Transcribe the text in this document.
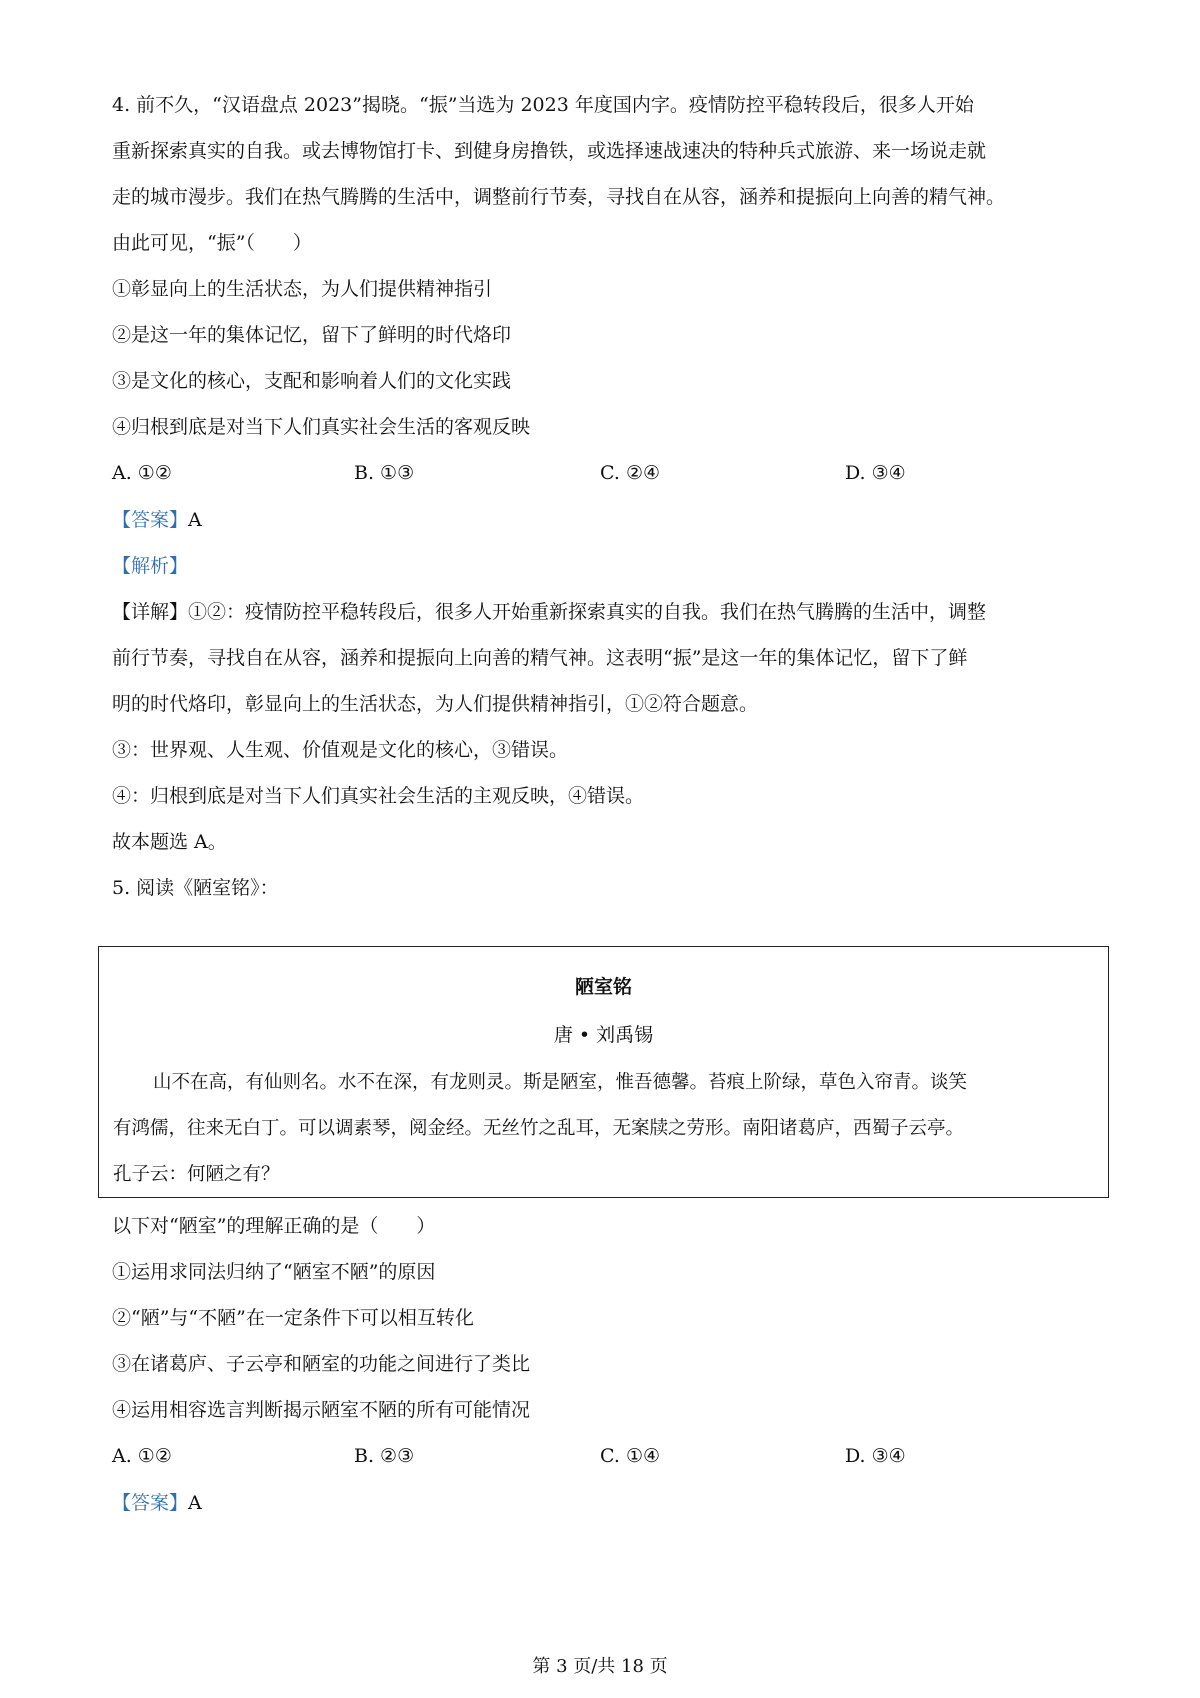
4. 前不久，“汉语盘点 2023”揭晓。“振”当选为 2023 年度国内字。疫情防控平稳转段后，很多人开始
重新探索真实的自我。或去博物馆打卡、到健身房撸铁，或选择速战速决的特种兵式旅游、来一场说走就
走的城市漫步。我们在热气腾腾的生活中，调整前行节奏，寻找自在从容，涵养和提振向上向善的精气神。
由此可见，“振”（　　）
①彰显向上的生活状态，为人们提供精神指引
②是这一年的集体记忆，留下了鲜明的时代烙印
③是文化的核心，支配和影响着人们的文化实践
④归根到底是对当下人们真实社会生活的客观反映
A. ①②	B. ①③	C. ②④	D. ③④
【答案】A
【解析】
【详解】①②：疫情防控平稳转段后，很多人开始重新探索真实的自我。我们在热气腾腾的生活中，调整
前行节奏，寻找自在从容，涵养和提振向上向善的精气神。这表明“振”是这一年的集体记忆，留下了鲜
明的时代烙印，彰显向上的生活状态，为人们提供精神指引，①②符合题意。
③：世界观、人生观、价值观是文化的核心，③错误。
④：归根到底是对当下人们真实社会生活的主观反映，④错误。
故本题选 A。
5. 阅读《陋室铭》：
陋室铭
唐 • 刘禹锡
山不在高，有仙则名。水不在深，有龙则灵。斯是陋室，惟吾德馨。苔痕上阶绿，草色入帘青。谈笑
有鸿儒，往来无白丁。可以调素琴，阅金经。无丝竹之乱耳，无案牍之劳形。南阳诸葛庐，西蜀子云亭。
孔子云：何陋之有？
以下对“陋室”的理解正确的是（　　）
①运用求同法归纳了“陋室不陋”的原因
②“陋”与“不陋”在一定条件下可以相互转化
③在诸葛庐、子云亭和陋室的功能之间进行了类比
④运用相容选言判断揭示陋室不陋的所有可能情况
A. ①②	B. ②③	C. ①④	D. ③④
【答案】A
第 3 页/共 18 页
